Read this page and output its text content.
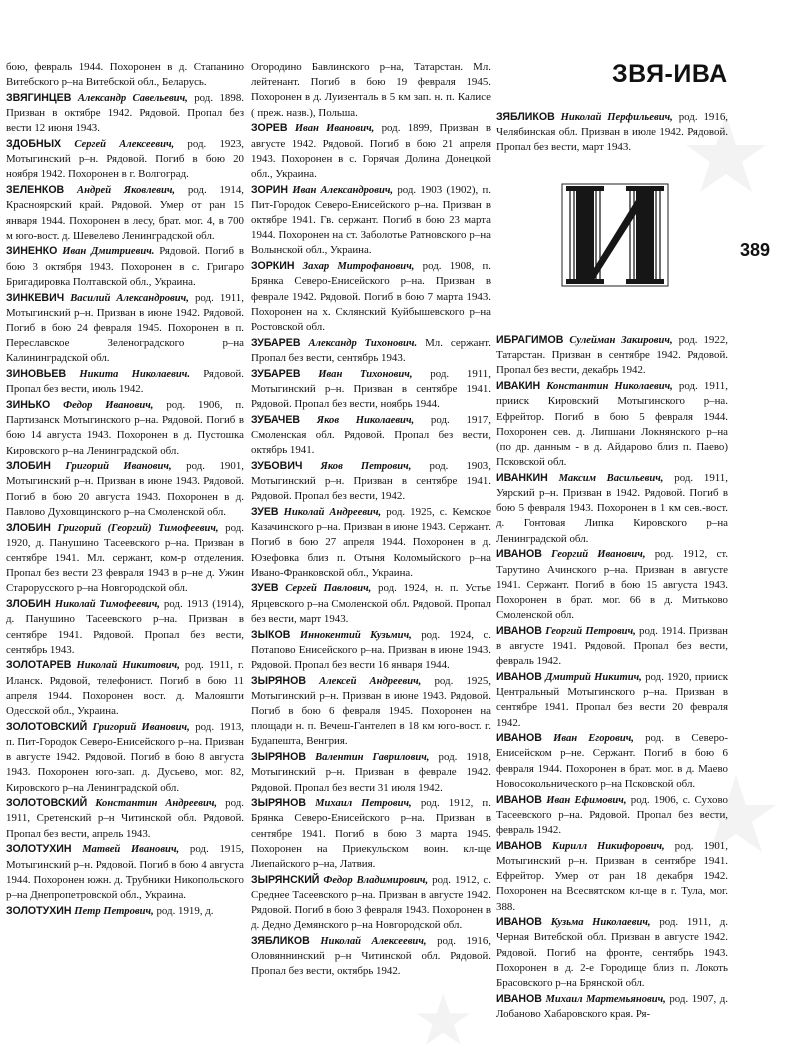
ЗВЯ-ИВА
389
бою, февраль 1944. Похоронен в д. Стапанино Витебского р–на Витебской обл., Беларусь.
ЗВЯГИНЦЕВ Александр Савельевич, род. 1898. Призван в октябре 1942. Рядовой. Пропал без вести 12 июня 1943.
ЗДОБНЫХ Сергей Алексеевич, род. 1923, Мотыгинский р–н. Рядовой. Погиб в бою 20 ноября 1942. Похоронен в г. Волгоград.
ЗЕЛЕНКОВ Андрей Яковлевич, род. 1914, Красноярский край. Рядовой. Умер от ран 15 января 1944. Похоронен в лесу, брат. мог. 4, в 700 м юго-вост. д. Шевелево Ленинградской обл.
ЗИНЕНКО Иван Дмитриевич. Рядовой. Погиб в бою 3 октября 1943. Похоронен в с. Григаро Бригадировка Полтавской обл., Украина.
ЗИНКЕВИЧ Василий Александрович, род. 1911, Мотыгинский р–н. Призван в июне 1942. Рядовой. Погиб в бою 24 февраля 1945. Похоронен в п. Переславское Зеленоградского р–на Калининградской обл.
ЗИНОВЬЕВ Никита Николаевич. Рядовой. Пропал без вести, июль 1942.
ЗИНЬКО Федор Иванович, род. 1906, п. Партизанск Мотыгинского р–на. Рядовой. Погиб в бою 14 августа 1943. Похоронен в д. Пустошка Кировского р–на Ленинградской обл.
ЗЛОБИН Григорий Иванович, род. 1901, Мотыгинский р–н. Призван в июне 1943. Рядовой. Погиб в бою 20 августа 1943. Похоронен в д. Павлово Духовщинского р–на Смоленской обл.
ЗЛОБИН Григорий (Георгий) Тимофеевич, род. 1920, д. Панушино Тасеевского р–на. Призван в сентябре 1941. Мл. сержант, ком-р отделения. Пропал без вести 23 февраля 1943 в р–не д. Ужин Старорусского р–на Новгородской обл.
ЗЛОБИН Николай Тимофеевич, род. 1913 (1914), д. Панушино Тасеевского р–на. Призван в сентябре 1941. Рядовой. Пропал без вести, сентябрь 1943.
ЗОЛОТАРЕВ Николай Никитович, род. 1911, г. Иланск. Рядовой, телефонист. Погиб в бою 11 апреля 1944. Похоронен вост. д. Малояшти Одесской обл., Украина.
ЗОЛОТОВСКИЙ Григорий Иванович, род. 1913, п. Пит-Городок Северо-Енисейского р–на. Призван в августе 1942. Рядовой. Погиб в бою 8 августа 1943. Похоронен юго-зап. д. Дусьево, мог. 82, Кировского р–на Ленинградской обл.
ЗОЛОТОВСКИЙ Константин Андреевич, род. 1911, Сретенский р–н Читинской обл. Рядовой. Пропал без вести, апрель 1943.
ЗОЛОТУХИН Матвей Иванович, род. 1915, Мотыгинский р–н. Рядовой. Погиб в бою 4 августа 1944. Похоронен южн. д. Трубники Никопольского р–на Днепропетровской обл., Украина.
ЗОЛОТУХИН Петр Петрович, род. 1919, д.
Огородино Бавлинского р–на, Татарстан. Мл. лейтенант. Погиб в бою 19 февраля 1945. Похоронен в д. Луизенталь в 5 км зап. н. п. Калисе ( преж. назв.), Польша.
ЗОРЕВ Иван Иванович, род. 1899, Призван в августе 1942. Рядовой. Погиб в бою 21 апреля 1943. Похоронен в с. Горячая Долина Донецкой обл., Украина.
ЗОРИН Иван Александрович, род. 1903 (1902), п. Пит-Городок Северо-Енисейского р–на. Призван в октябре 1941. Гв. сержант. Погиб в бою 23 марта 1944. Похоронен на ст. Заболотье Ратновского р–на Волынской обл., Украина.
ЗОРКИН Захар Митрофанович, род. 1908, п. Брянка Северо-Енисейского р–на. Призван в феврале 1942. Рядовой. Погиб в бою 7 марта 1943. Похоронен на х. Склянский Куйбышевского р–на Ростовской обл.
ЗУБАРЕВ Александр Тихонович. Мл. сержант. Пропал без вести, сентябрь 1943.
ЗУБАРЕВ Иван Тихонович, род. 1911, Мотыгинский р–н. Призван в сентябре 1941. Рядовой. Пропал без вести, ноябрь 1944.
ЗУБАЧЕВ Яков Николаевич, род. 1917, Смоленская обл. Рядовой. Пропал без вести, октябрь 1941.
ЗУБОВИЧ Яков Петрович, род. 1903, Мотыгинский р–н. Призван в сентябре 1941. Рядовой. Пропал без вести, 1942.
ЗУЕВ Николай Андреевич, род. 1925, с. Кемское Казачинского р–на. Призван в июне 1943. Сержант. Погиб в бою 27 апреля 1944. Похоронен в д. Юзефовка близ п. Отыня Коломыйского р–на Ивано-Франковской обл., Украина.
ЗУЕВ Сергей Павлович, род. 1924, н. п. Устье Ярцевского р–на Смоленской обл. Рядовой. Пропал без вести, март 1943.
ЗЫКОВ Иннокентий Кузьмич, род. 1924, с. Потапово Енисейского р–на. Призван в июне 1943. Рядовой. Пропал без вести 16 января 1944.
ЗЫРЯНОВ Алексей Андреевич, род. 1925, Мотыгинский р–н. Призван в июне 1943. Рядовой. Погиб в бою 6 февраля 1945. Похоронен на площади н. п. Вечеш-Гантелеп в 18 км юго-вост. г. Будапешта, Венгрия.
ЗЫРЯНОВ Валентин Гаврилович, род. 1918, Мотыгинский р–н. Призван в феврале 1942. Рядовой. Пропал без вести 31 июля 1942.
ЗЫРЯНОВ Михаил Петрович, род. 1912, п. Брянка Северо-Енисейского р–на. Призван в сентябре 1941. Погиб в бою 3 марта 1945. Похоронен на Приекульском воин. кл-ще Лиепайского р–на, Латвия.
ЗЫРЯНСКИЙ Федор Владимирович, род. 1912, с. Среднее Тасеевского р–на. Призван в августе 1942. Рядовой. Погиб в бою 3 февраля 1943. Похоронен в д. Дедно Демянского р–на Новгородской обл.
ЗЯБЛИКОВ Николай Алексеевич, род. 1916, Оловяннинский р–н Читинской обл. Рядовой. Пропал без вести, октябрь 1942.
ЗЯБЛИКОВ Николай Перфильевич, род. 1916, Челябинская обл. Призван в июле 1942. Рядовой. Пропал без вести, март 1943.
ИБРАГИМОВ Сулейман Закирович, род. 1922, Татарстан. Призван в сентябре 1942. Рядовой. Пропал без вести, декабрь 1942.
ИВАКИН Константин Николаевич, род. 1911, прииск Кировский Мотыгинского р–на. Ефрейтор. Погиб в бою 5 февраля 1944. Похоронен сев. д. Липшани Локнянского р–на (по др. данным - в д. Айдарово близ п. Паево) Псковской обл.
ИВАНКИН Максим Васильевич, род. 1911, Уярский р–н. Призван в 1942. Рядовой. Погиб в бою 5 февраля 1943. Похоронен в 1 км сев.-вост. д. Гонтовая Липка Кировского р–на Ленинградской обл.
ИВАНОВ Георгий Иванович, род. 1912, ст. Тарутино Ачинского р–на. Призван в августе 1941. Сержант. Погиб в бою 15 августа 1943. Похоронен в брат. мог. 66 в д. Митьково Смоленской обл.
ИВАНОВ Георгий Петрович, род. 1914. Призван в августе 1941. Рядовой. Пропал без вести, февраль 1942.
ИВАНОВ Дмитрий Никитич, род. 1920, прииск Центральный Мотыгинского р–на. Призван в сентябре 1941. Пропал без вести 20 февраля 1942.
ИВАНОВ Иван Егорович, род. в Северо-Енисейском р–не. Сержант. Погиб в бою 6 февраля 1944. Похоронен в брат. мог. в д. Маево Новосокольнического р–на Псковской обл.
ИВАНОВ Иван Ефимович, род. 1906, с. Сухово Тасеевского р–на. Рядовой. Пропал без вести, февраль 1942.
ИВАНОВ Кирилл Никифорович, род. 1901, Мотыгинский р–н. Призван в сентябре 1941. Ефрейтор. Умер от ран 18 декабря 1942. Похоронен на Всесвятском кл-ще в г. Тула, мог. 388.
ИВАНОВ Кузьма Николаевич, род. 1911, д. Черная Витебской обл. Призван в августе 1942. Рядовой. Погиб на фронте, сентябрь 1943. Похоронен в д. 2-е Городище близ п. Локоть Брасовского р–на Брянской обл.
ИВАНОВ Михаил Мартемьянович, род. 1907, д. Лобаново Хабаровского края. Ря-
